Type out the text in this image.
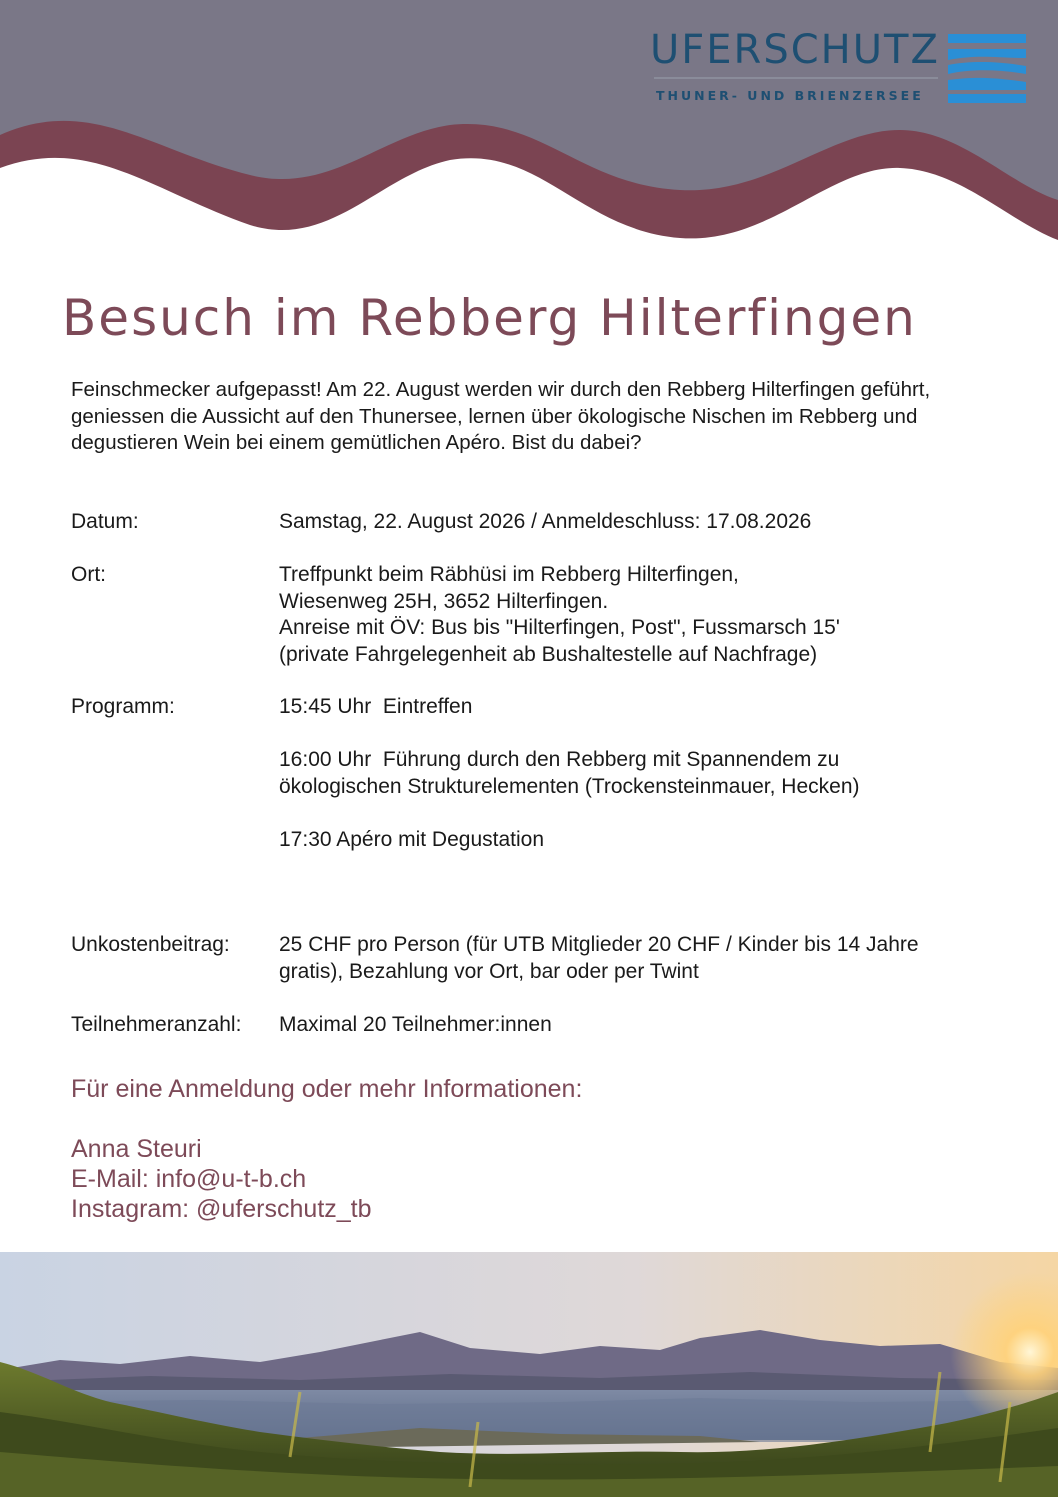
UFERSCHUTZ
THUNER- UND BRIENZERSEE
Besuch im Rebberg Hilterfingen

Feinschmecker aufgepasst! Am 22. August werden wir durch den Rebberg Hilterfingen geführt, geniessen die Aussicht auf den Thunersee, lernen über ökologische Nischen im Rebberg und degustieren Wein bei einem gemütlichen Apéro. Bist du dabei?

Datum:	Samstag, 22. August 2026 / Anmeldeschluss: 17.08.2026
Ort:	Treffpunkt beim Räbhüsi im Rebberg Hilterfingen,

Wiesenweg 25H, 3652 Hilterfingen.

Anreise mit ÖV: Bus bis "Hilterfingen, Post", Fussmarsch 15'

(private Fahrgelegenheit ab Bushaltestelle auf Nachfrage)

Programm:	15:45 Uhr  Eintreffen

16:00 Uhr  Führung durch den Rebberg mit Spannendem zu ökologischen Strukturelementen (Trockensteinmauer, Hecken)

17:30 Apéro mit Degustation

Unkostenbeitrag: 25 CHF pro Person (für UTB Mitglieder 20 CHF / Kinder bis 14 Jahre gratis), Bezahlung vor Ort, bar oder per Twint

Teilnehmeranzahl: Maximal 20 Teilnehmer:innen

Für eine Anmeldung oder mehr Informationen:

Anna Steuri

E-Mail: info@u-t-b.ch

Instagram: @uferschutz_tb
